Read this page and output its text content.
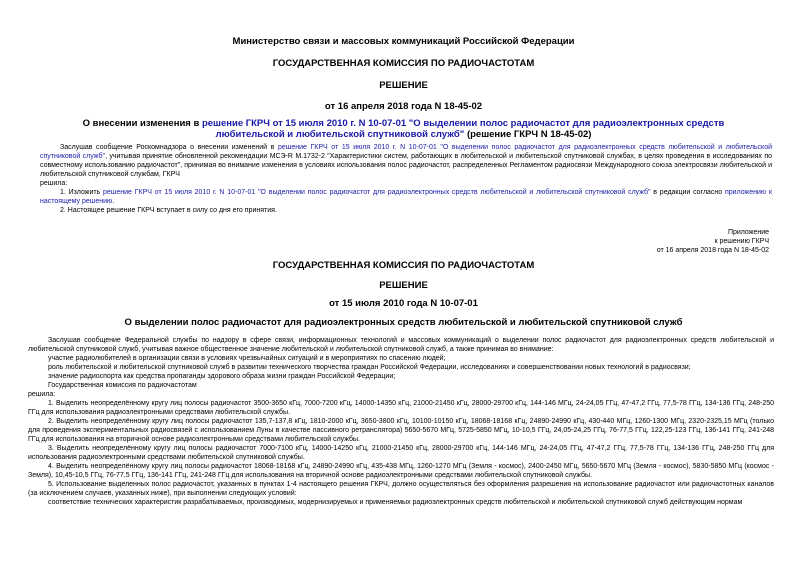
Министерство связи и массовых коммуникаций Российской Федерации
ГОСУДАРСТВЕННАЯ КОМИССИЯ ПО РАДИОЧАСТОТАМ
РЕШЕНИЕ
от 16 апреля 2018 года N 18-45-02
О внесении изменения в решение ГКРЧ от 15 июля 2010 г. N 10-07-01 "О выделении полос радиочастот для радиоэлектронных средств любительской и любительской спутниковой служб" (решение ГКРЧ N 18-45-02)

Заслушав сообщение Роскомнадзора о внесении изменений в решение ГКРЧ от 15 июля 2010 г. N 10-07-01 "О выделении полос радиочастот для радиоэлектронных средств любительской и любительской спутниковой служб", учитывая принятие обновленной рекомендации МСЭ-R M.1732-2 "Характеристики систем, работающих в любительской и любительской спутниковой службах, в целях проведения в исследованиях по совместному использованию радиочастот", принимая во внимание изменения в условиях использования полос радиочастот, распределенных Регламентом радиосвязи Международного союза электросвязи любительской и любительской спутниковой службам, ГКРЧ

решила:

1. Изложить решение ГКРЧ от 15 июля 2010 г. N 10-07-01 "О выделении полос радиочастот для радиоэлектронных средств любительской и любительской спутниковой служб" в редакции согласно приложению к настоящему решению.

2. Настоящее решение ГКРЧ вступает в силу со дня его принятия.

Приложение
к решению ГКРЧ
от 16 апреля 2018 года N 18-45-02
ГОСУДАРСТВЕННАЯ КОМИССИЯ ПО РАДИОЧАСТОТАМ
РЕШЕНИЕ
от 15 июля 2010 года N 10-07-01
О выделении полос радиочастот для радиоэлектронных средств любительской и любительской спутниковой служб

Заслушав сообщение Федеральной службы по надзору в сфере связи, информационных технологий и массовых коммуникаций о выделении полос радиочастот для радиоэлектронных средств любительской и любительской спутниковой служб, учитывая важное общественное значение любительской и любительской спутниковой служб, а также принимая во внимание:

участие радиолюбителей в организации связи в условиях чрезвычайных ситуаций и в мероприятиях по спасению людей;

роль любительской и любительской спутниковой служб в развитии технического творчества граждан Российской Федерации, исследованиях и совершенствовании новых технологий в радиосвязи;

значение радиоспорта как средства пропаганды здорового образа жизни граждан Российской Федерации;

Государственная комиссия по радиочастотам

решила:

1. Выделить неопределённому кругу лиц полосы радиочастот 3500-3650 кГц, 7000-7200 кГц, 14000-14350 кГц, 21000-21450 кГц, 28000-29700 кГц, 144-146 МГц, 24-24,05 ГГц, 47-47,2 ГГц, 77,5-78 ГГц, 134-136 ГГц, 248-250 ГГц для использования радиоэлектронными средствами любительской службы.

2. Выделить неопределённому кругу лиц полосы радиочастот 135,7-137,8 кГц, 1810-2000 кГц, 3650-3800 кГц, 10100-10150 кГц, 18068-18168 кГц, 24890-24990 кГц, 430-440 МГц, 1260-1300 МГц, 2320-2325,15 МГц (только для проведения экспериментальных радиосвязей с использованием Луны в качестве пассивного ретранслятора) 5650-5670 МГц, 5725-5850 МГц, 10-10,5 ГГц, 24,05-24,25 ГГц, 76-77,5 ГГц, 122,25-123 ГГц, 136-141 ГГц, 241-248 ГГц для использования на вторичной основе радиоэлектронными средствами любительской службы.

3. Выделить неопределённому кругу лиц полосы радиочастот 7000-7100 кГц, 14000-14250 кГц, 21000-21450 кГц, 28000-29700 кГц, 144-146 МГц, 24-24,05 ГГц, 47-47,2 ГГц, 77,5-78 ГГц, 134-136 ГГц, 248-250 ГГц для использования радиоэлектронными средствами любительской спутниковой службы.

4. Выделить неопределённому кругу лиц полосы радиочастот 18068-18168 кГц, 24890-24990 кГц, 435-438 МГц, 1260-1270 МГц (Земля - космос), 2400-2450 МГц, 5650-5670 МГц (Земля - космос), 5830-5850 МГц (космос - Земля), 10,45-10,5 ГГц, 76-77,5 ГГц, 136-141 ГГц, 241-248 ГГц для использования на вторичной основе радиоэлектронными средствами любительской спутниковой службы.

5. Использование выделенных полос радиочастот, указанных в пунктах 1-4 настоящего решения ГКРЧ, должно осуществляться без оформления разрешения на использование радиочастот или радиочастотных каналов (за исключением случаев, указанных ниже), при выполнении следующих условий:

соответствие технических характеристик разрабатываемых, производимых, модернизируемых и применяемых радиоэлектронных средств любительской и любительской спутниковой служб действующим нормам
